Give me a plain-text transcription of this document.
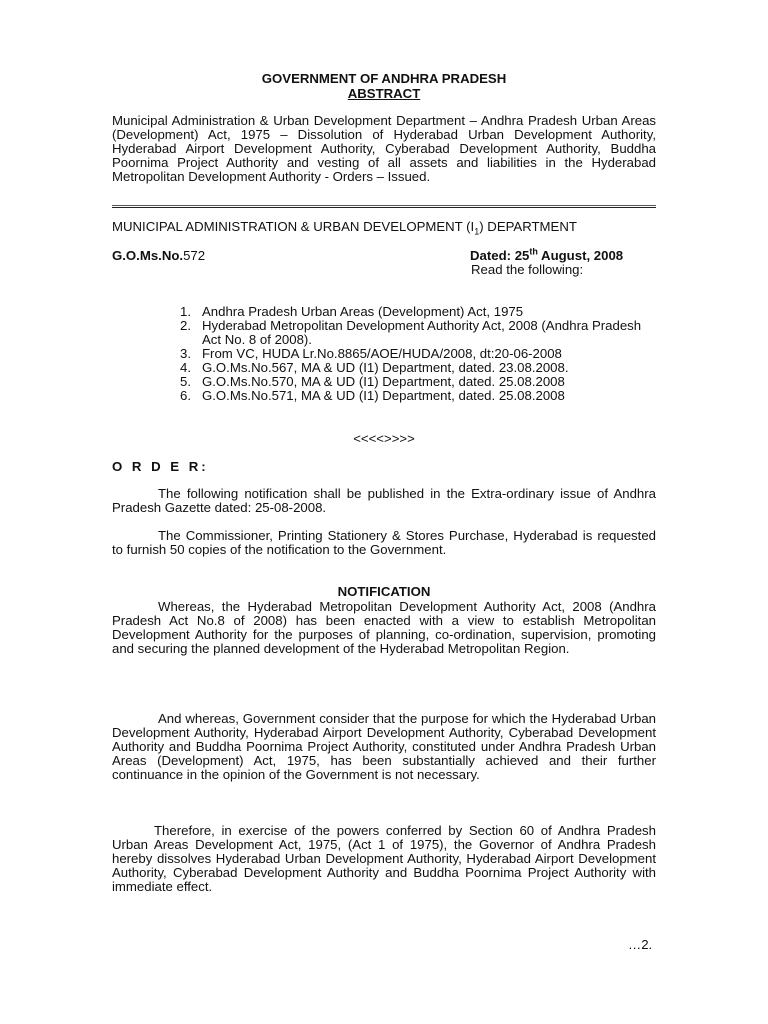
GOVERNMENT OF ANDHRA PRADESH
ABSTRACT
Municipal Administration & Urban Development Department – Andhra Pradesh Urban Areas (Development) Act, 1975 – Dissolution of Hyderabad Urban Development Authority, Hyderabad Airport Development Authority, Cyberabad Development Authority, Buddha Poornima Project Authority and vesting of all assets and liabilities in the Hyderabad Metropolitan Development Authority - Orders – Issued.
MUNICIPAL ADMINISTRATION & URBAN DEVELOPMENT $(I_1)$ DEPARTMENT
G.O.Ms.No.572	Dated: 25th August, 2008
Read the following:
1. Andhra Pradesh Urban Areas (Development) Act, 1975
2. Hyderabad Metropolitan Development Authority Act, 2008 (Andhra Pradesh Act No. 8 of 2008).
3. From VC, HUDA Lr.No.8865/AOE/HUDA/2008, dt:20-06-2008
4. G.O.Ms.No.567, MA & UD (I1) Department, dated. 23.08.2008.
5. G.O.Ms.No.570, MA & UD (I1) Department, dated. 25.08.2008
6. G.O.Ms.No.571, MA & UD (I1) Department, dated. 25.08.2008
<<<<>>>>
O R D E R:
The following notification shall be published in the Extra-ordinary issue of Andhra Pradesh Gazette dated: 25-08-2008.
The Commissioner, Printing Stationery & Stores Purchase, Hyderabad is requested to furnish 50 copies of the notification to the Government.
NOTIFICATION
Whereas, the Hyderabad Metropolitan Development Authority Act, 2008 (Andhra Pradesh Act No.8 of 2008) has been enacted with a view to establish Metropolitan Development Authority for the purposes of planning, co-ordination, supervision, promoting and securing the planned development of the Hyderabad Metropolitan Region.
And whereas, Government consider that the purpose for which the Hyderabad Urban Development Authority, Hyderabad Airport Development Authority, Cyberabad Development Authority and Buddha Poornima Project Authority, constituted under Andhra Pradesh Urban Areas (Development) Act, 1975, has been substantially achieved and their further continuance in the opinion of the Government is not necessary.
Therefore, in exercise of the powers conferred by Section 60 of Andhra Pradesh Urban Areas Development Act, 1975, (Act 1 of 1975), the Governor of Andhra Pradesh hereby dissolves Hyderabad Urban Development Authority, Hyderabad Airport Development Authority, Cyberabad Development Authority and Buddha Poornima Project Authority with immediate effect.
…2.
